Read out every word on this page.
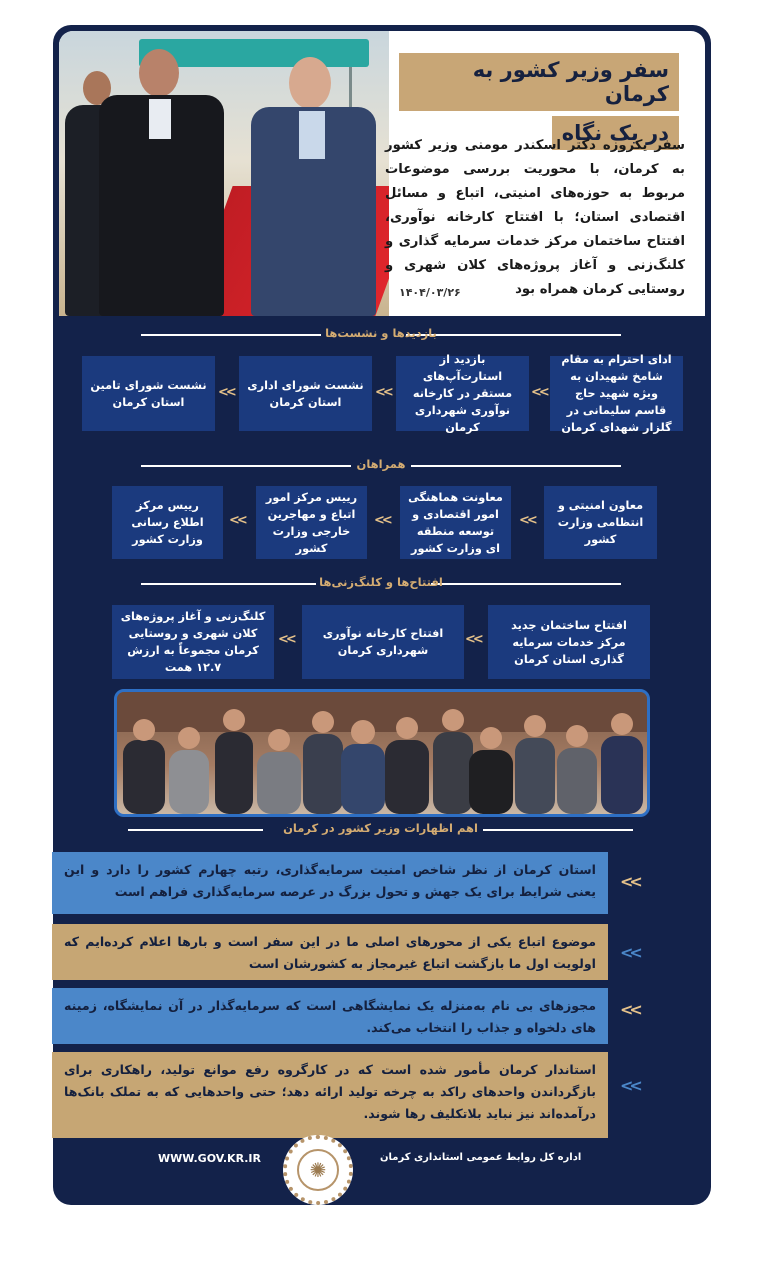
سفر وزیر کشور به کرمان
در یک نگاه

سفر یکروزه دکتر اسکندر مومنی وزیر کشور به کرمان، با محوریت بررسی موضوعات مربوط به حوزه‌های امنیتی، اتباع و مسائل اقتصادی استان؛ با افتتاح کارخانه نوآوری، افتتاح ساختمان مرکز خدمات سرمایه گذاری و کلنگ‌زنی و آغاز پروژه‌های کلان شهری و روستایی کرمان همراه بود

۱۴۰۴/۰۳/۲۶
بازدیدها و نشست‌ها
ادای احترام به مقام شامخ شهیدان به ویژه شهید حاج قاسم سلیمانی در گلزار شهدای کرمان
<<
بازدید از استارت‌آپ‌های مستقر در کارخانه نوآوری شهرداری کرمان
<<
نشست شورای اداری استان کرمان
<<
نشست شورای تامین استان کرمان
همراهان
معاون امنیتی و انتظامی وزارت کشور
<<
معاونت هماهنگی امور اقتصادی و توسعه منطقه ای وزارت کشور
<<
رییس مرکز امور اتباع و مهاجرین خارجی وزارت کشور
<<
رییس مرکز اطلاع رسانی وزارت کشور
افتتاح‌ها و کلنگ‌زنی‌ها
افتتاح ساختمان جدید مرکز خدمات سرمایه گذاری استان کرمان
<<
افتتاح کارخانه نوآوری شهرداری کرمان
<<
کلنگ‌زنی و آغاز پروژه‌های کلان شهری و روستایی کرمان مجموعاً به ارزش ۱۲.۷ همت
اهم اظهارات وزیر کشور در کرمان
استان کرمان از نظر شاخص امنیت سرمایه‌گذاری، رتبه چهارم کشور را دارد و این یعنی شرایط برای یک جهش و تحول بزرگ در عرصه سرمایه‌گذاری فراهم است
<<
موضوع اتباع یکی از محورهای اصلی ما در این سفر است و بارها اعلام کرده‌ایم که اولویت اول ما بازگشت اتباع غیرمجاز به کشورشان است
<<
مجوزهای بی نام به‌منزله یک نمایشگاهی است که سرمایه‌گذار در آن نمایشگاه، زمینه های دلخواه و جذاب را انتخاب می‌کند.
<<
استاندار کرمان مأمور شده است که در کارگروه رفع موانع تولید، راهکاری برای بازگرداندن واحدهای راکد به چرخه تولید ارائه دهد؛ حتی واحدهایی که به تملک بانک‌ها درآمده‌اند نیز نباید بلاتکلیف رها شوند.
<<
WWW.GOV.KR.IR	✺
اداره کل روابط عمومی استانداری کرمان
